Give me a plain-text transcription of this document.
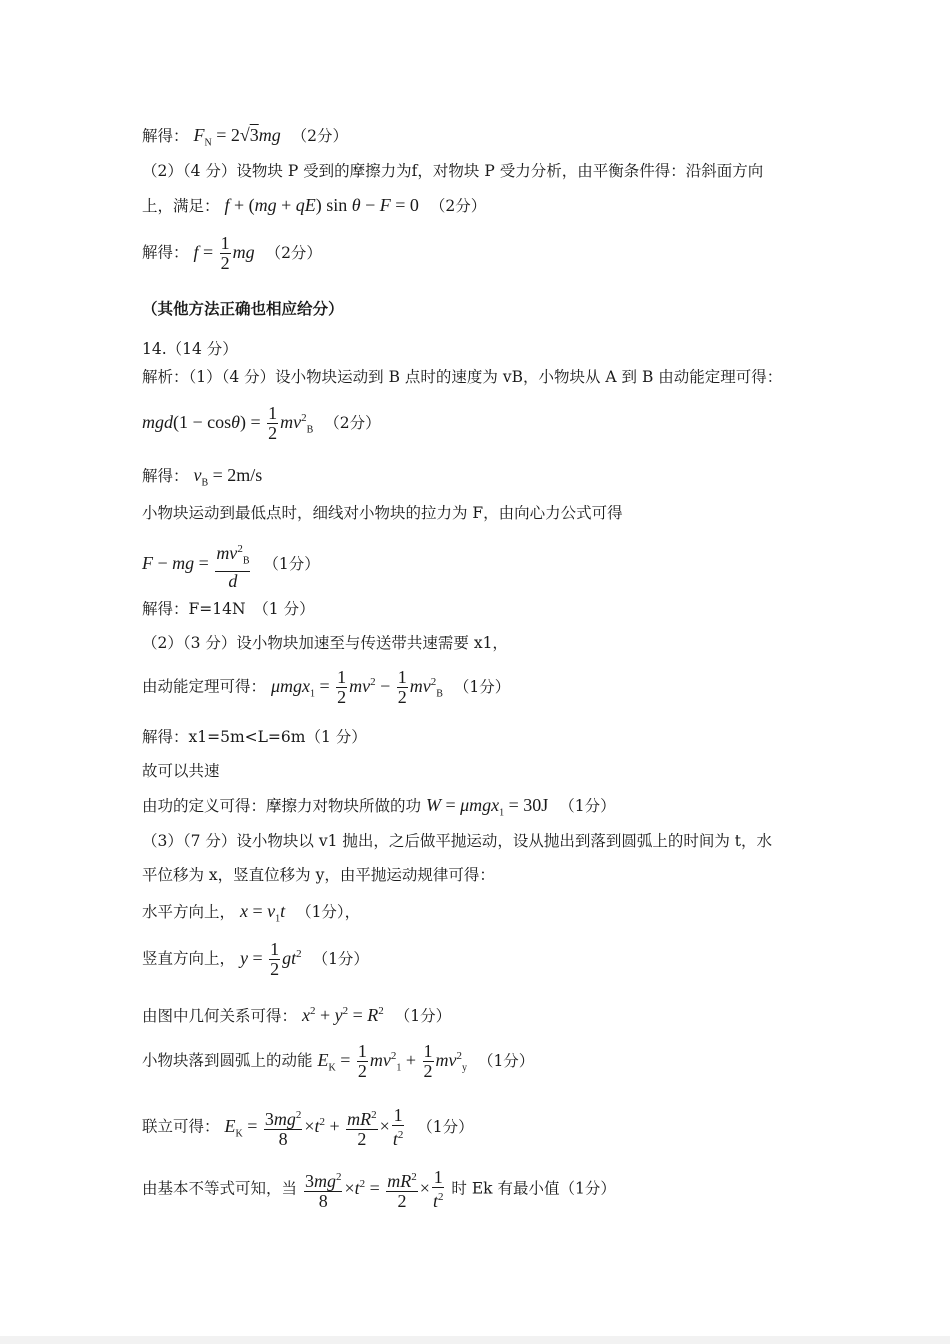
解得： $F_N = 2√3mg$ （2分）
（2）（4 分）设物块 P 受到的摩擦力为f，对物块 P 受力分析，由平衡条件得：沿斜面方向
上，满足： f + (mg + qE) sin θ − F = 0 （2分）
解得： $f = \frac{1}{2}$ mg （2分）
（其他方法正确也相应给分）
14.（14 分）
解析：（1）（4 分）设小物块运动到 B 点时的速度为 vB，小物块从 A 到 B 由动能定理可得：
$mgd(1 - \cos\theta) = \frac{1}{2} mv^2_B$ （2分）
解得： $v_B = 2m/s$
小物块运动到最低点时，细线对小物块的拉力为 F，由向心力公式可得
F − mg = $\frac{mv^2_B}{d} (1$分）
解得：F=14N　（1 分）
（2）（3 分）设小物块加速至与传送带共速需要 x1，
由动能定理可得： $\mu mgx_1 = \frac{1}{2} mv^2 - \frac{1}{2} mv^2_B$ （1分）
解得：x1=5m<L=6m（1 分）
故可以共速
由功的定义可得：摩擦力对物块所做的功 W = μmgx$_1$ = 30J （1分）
（3）（7 分）设小物块以 v1 抛出，之后做平抛运动，设从抛出到落到圆弧上的时间为 t，水
平位移为 x，竖直位移为 y，由平抛运动规律可得：
水平方向上， $x = v_1t$ （1分），
竖直方向上， $y = \frac{1}{2} gt^2$ （1分）
由图中几何关系可得： $x^2 + y^2 = R^2$ （1分）
小物块落到圆弧上的动能 $E_K = \frac{1}{2} mv^2_1 + \frac{1}{2} mv^2_y$ （1分）
联立可得： $E_K = \frac{3mg^2}{8} \times t^2 + \frac{mR^2}{2} \times \frac{1}{t^2} (1$分）
由基本不等式可知，当 $\frac{3mg^2}{8} \times t^2 = \frac{mR^2}{2} \times \frac{1}{t^2}$ 时 Ek 有最小值（1分）
